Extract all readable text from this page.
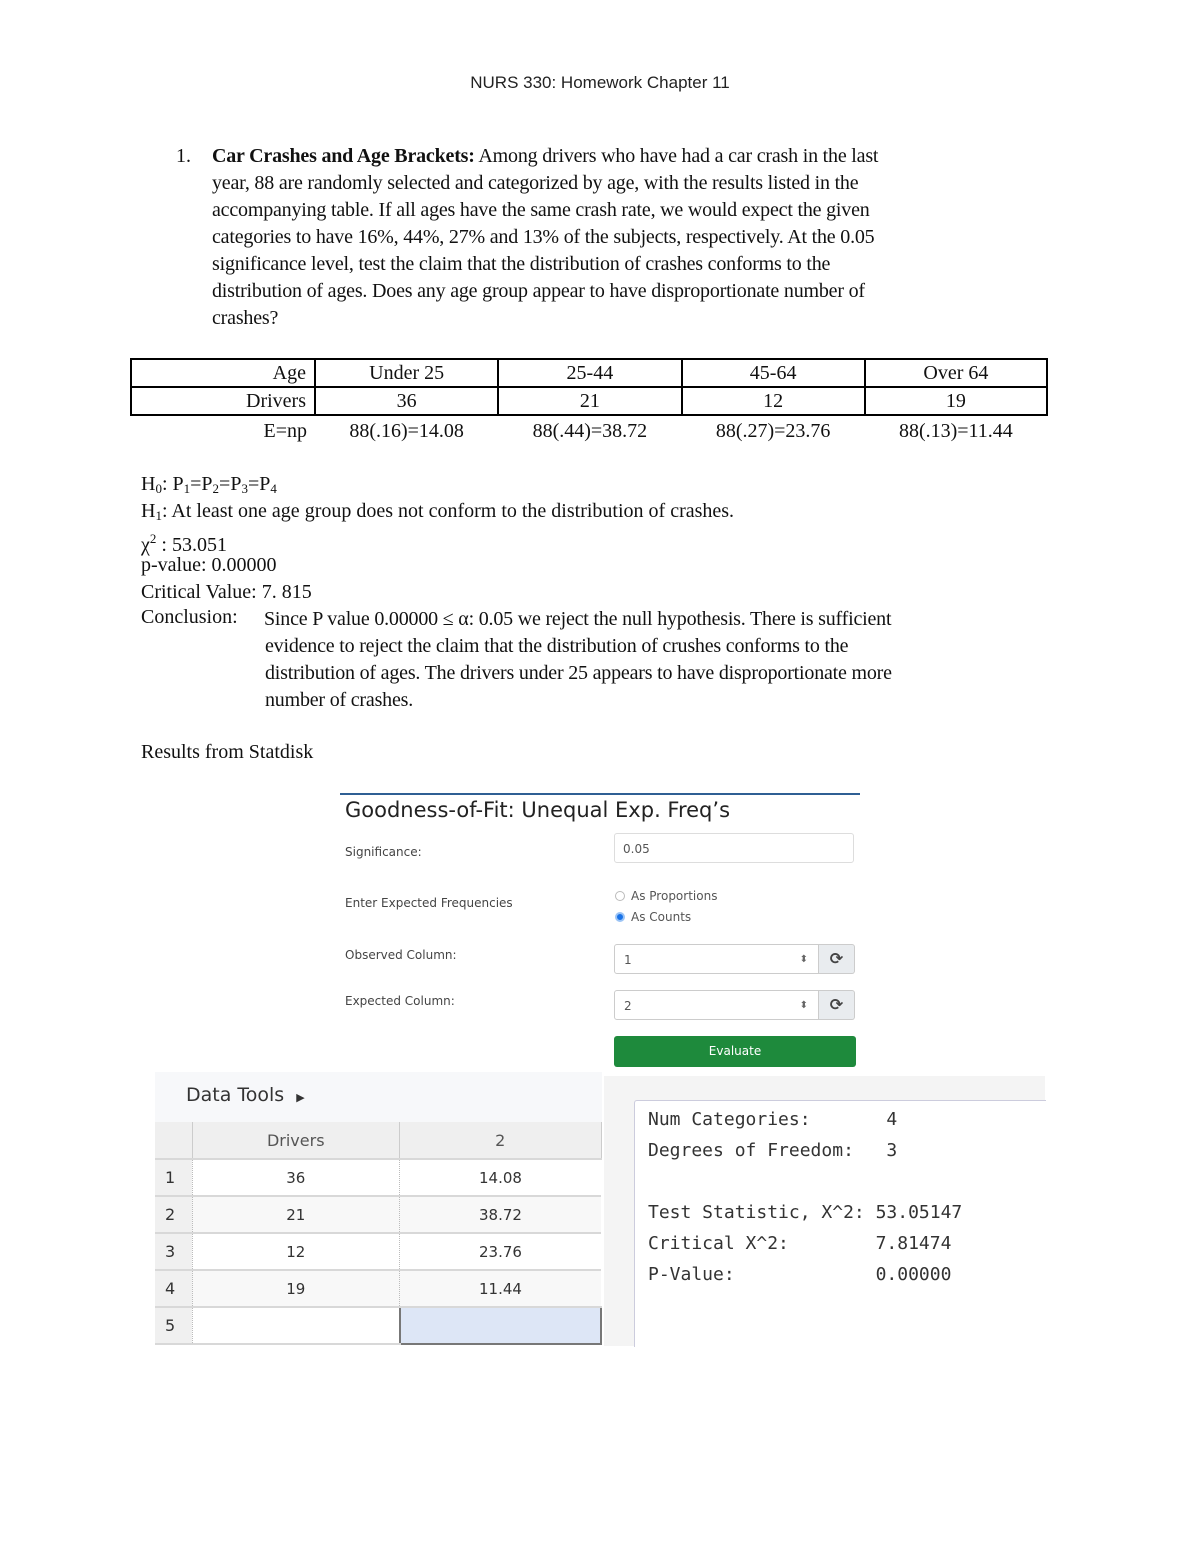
NURS 330: Homework Chapter 11
1. Car Crashes and Age Brackets: Among drivers who have had a car crash in the last
year, 88 are randomly selected and categorized by age, with the results listed in the
accompanying table. If all ages have the same crash rate, we would expect the given
categories to have 16%, 44%, 27% and 13% of the subjects, respectively. At the 0.05
significance level, test the claim that the distribution of crashes conforms to the
distribution of ages. Does any age group appear to have disproportionate number of
crashes?
Age	Under 25	25-44	45-64	Over 64
Drivers	36	21	12	19
E=np	88(.16)=14.08	88(.44)=38.72	88(.27)=23.76	88(.13)=11.44
$H_0$: $P_1=P_2=P_3=P_4$
$H_1$: At least one age group does not conform to the distribution of crashes.
$\chi^2$ : 53.051
p-value: 0.00000
Critical Value: 7. 815
Conclusion: Since P value 0.00000 ≤ α: 0.05 we reject the null hypothesis. There is sufficient
evidence to reject the claim that the distribution of crushes conforms to the
distribution of ages. The drivers under 25 appears to have disproportionate more
number of crashes.
Results from Statdisk
Goodness-of-Fit: Unequal Exp. Freq’s
Significance:	0.05
Enter Expected Frequencies	As Proportions
As Counts
Observed Column:	1	⬍	⟳
Expected Column:	2	⬍	⟳
Evaluate
Data Tools ▶
	Drivers	2
1	36	14.08
2	21	38.72
3	12	23.76
4	19	11.44
5		
Num Categories:       4
Degrees of Freedom:   3
Test Statistic, X^2: 53.05147
Critical X^2:        7.81474
P-Value:             0.00000
